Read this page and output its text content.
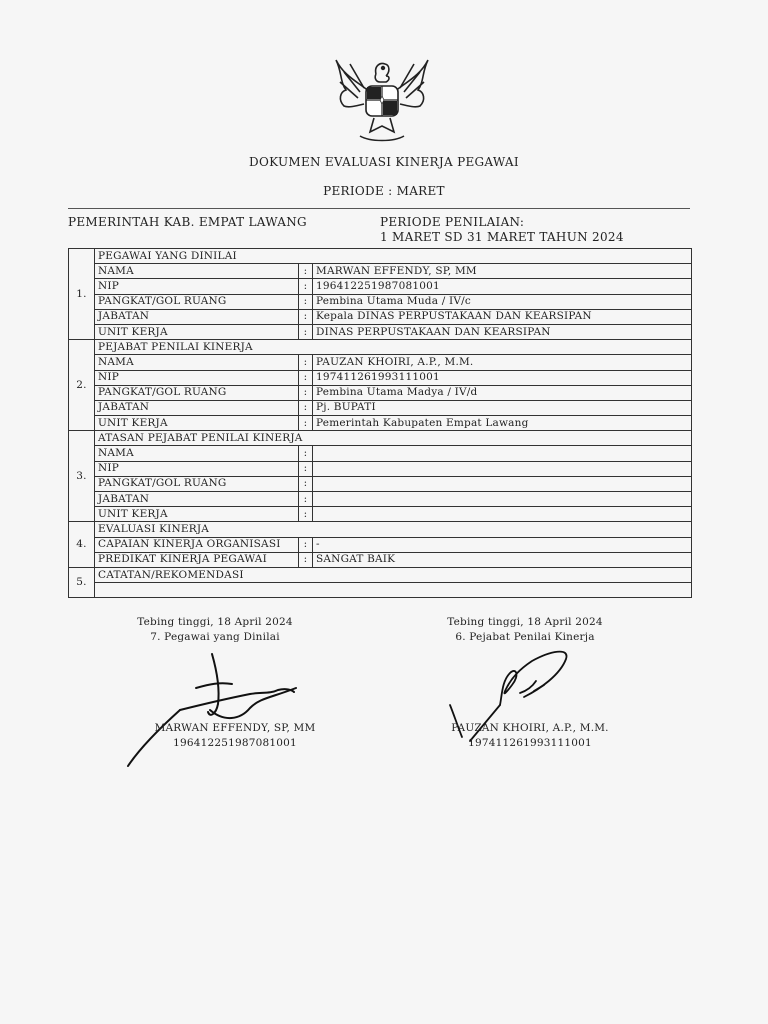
DOKUMEN EVALUASI KINERJA PEGAWAI
PERIODE : MARET
PEMERINTAH KAB. EMPAT LAWANG	PERIODE PENILAIAN:
1 MARET SD 31 MARET TAHUN 2024
1.	PEGAWAI YANG DINILAI		
	NAMA	:	MARWAN EFFENDY, SP, MM
	NIP	:	196412251987081001
	PANGKAT/GOL RUANG	:	Pembina Utama Muda / IV/c
	JABATAN	:	Kepala DINAS PERPUSTAKAAN DAN KEARSIPAN
	UNIT KERJA	:	DINAS PERPUSTAKAAN DAN KEARSIPAN
2.	PEJABAT PENILAI KINERJA		
	NAMA	:	PAUZAN KHOIRI, A.P., M.M.
	NIP	:	197411261993111001
	PANGKAT/GOL RUANG	:	Pembina Utama Madya / IV/d
	JABATAN	:	Pj. BUPATI
	UNIT KERJA	:	Pemerintah Kabupaten Empat Lawang
3.	ATASAN PEJABAT PENILAI KINERJA		
	NAMA	:	
	NIP	:	
	PANGKAT/GOL RUANG	:	
	JABATAN	:	
	UNIT KERJA	:	
4.	EVALUASI KINERJA		
	CAPAIAN KINERJA ORGANISASI	:	-
	PREDIKAT KINERJA PEGAWAI	:	SANGAT BAIK
5.	CATATAN/REKOMENDASI		

Tebing tinggi, 18 April 2024
7. Pegawai yang Dinilai
MARWAN EFFENDY, SP, MM
196412251987081001
Tebing tinggi, 18 April 2024
6. Pejabat Penilai Kinerja
PAUZAN KHOIRI, A.P., M.M.
197411261993111001
